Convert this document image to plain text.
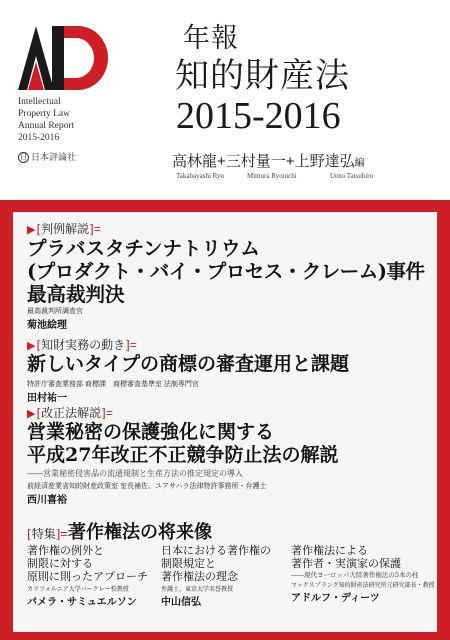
Intellectual
Property Law
Annual Report
2015-2016
年報
知的財産法
2015-2016
高林龍+三村量一+上野達弘編
Takabayashi Ryu	Mimura Ryouichi	Ueno Tatsuhiro
日 日本評論社
▶[判例解説]=
プラバスタチンナトリウム
(プロダクト・バイ・プロセス・クレーム)事件
最高裁判決
最高裁判所調査官
菊池絵理
▶[知財実務の動き]=
新しいタイプの商標の審査運用と課題
特許庁審査業務部 商標課　商標審査基準室 法制専門官
田村祐一
▶[改正法解説]=
営業秘密の保護強化に関する
平成27年改正不正競争防止法の解説
――営業秘密侵害品の流通規制と生産方法の推定規定の導入
前経済産業省知的財産政策室 室長補佐、ユアサハラ法律特許事務所・弁護士
西川喜裕
[特集]=著作権法の将来像
著作権の例外と
制限に対する
原則に則ったアプローチ
カリフォルニア大学バークレー校教授
パメラ・サミュエルソン
日本における著作権の
制限規定と
著作権法の理念
弁護士、東京大学名誉教授
中山信弘
著作権法による
著作者・実演家の保護
――現代ヨーロッパ大陸著作権法の5本の柱
マックスプランク知的財産法研究所元研究部長・教授
アドルフ・ディーツ
